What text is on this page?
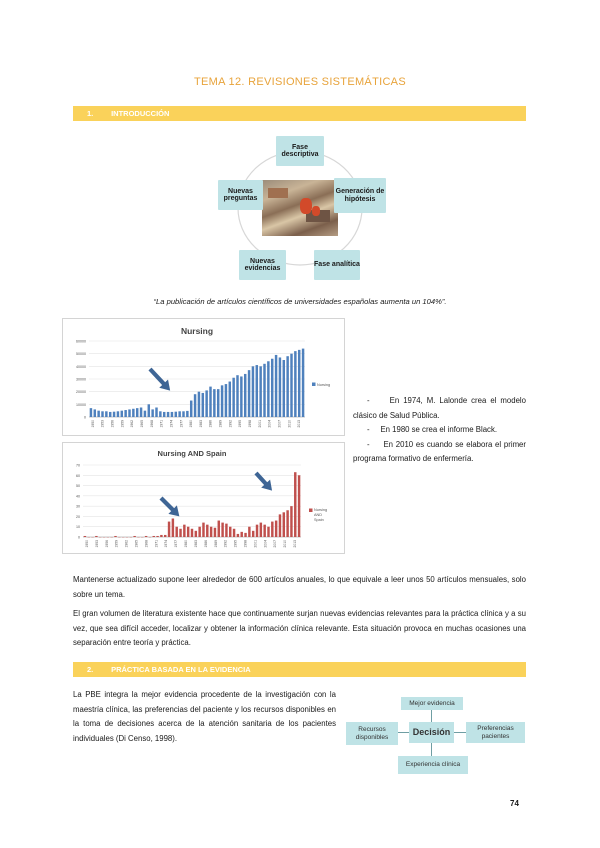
TEMA 12. REVISIONES SISTEMÁTICAS
1. INTRODUCCIÓN
Fase descriptiva
Generación de hipótesis
Fase analítica
Nuevas evidencias
Nuevas preguntas
“La publicación de artículos científicos de universidades españolas aumenta un 104%”.
Nursing
0
10000
20000
30000
40000
50000
60000
1950 1953 1956 1959 1962 1965 1968 1971 1974 1977 1980 1983 1986 1989 1992 1995 1998 2001 2004 2007 2010 2013
Nursing
Nursing AND Spain
0
10
20
30
40
50
60
70
1950 1953 1956 1959 1962 1965 1968 1971 1974 1977 1980 1983 1986 1989 1992 1995 1998 2001 2004 2007 2010 2013
Nursing
AND
Spain
-     En 1974, M. Lalonde crea el modelo clásico de Salud Pública.
-     En 1980 se crea el informe Black.
-     En 2010 es cuando se elabora el primer programa formativo de enfermería.
Mantenerse actualizado supone leer alrededor de 600 artículos anuales, lo que equivale a leer unos 50 artículos mensuales, solo sobre un tema.
El gran volumen de literatura existente hace que continuamente surjan nuevas evidencias relevantes para la práctica clínica y a su vez, que sea difícil acceder, localizar y obtener la información clínica relevante. Esta situación provoca en muchas ocasiones una separación entre teoría y práctica.
2. PRÁCTICA BASADA EN LA EVIDENCIA
La PBE integra la mejor evidencia procedente de la investigación con la maestría clínica, las preferencias del paciente y los recursos disponibles en la toma de decisiones acerca de la atención sanitaria de los pacientes individuales (Di Censo, 1998).
Mejor evidencia
Decisión
Recursos disponibles
Preferencias pacientes
Experiencia clínica
74
